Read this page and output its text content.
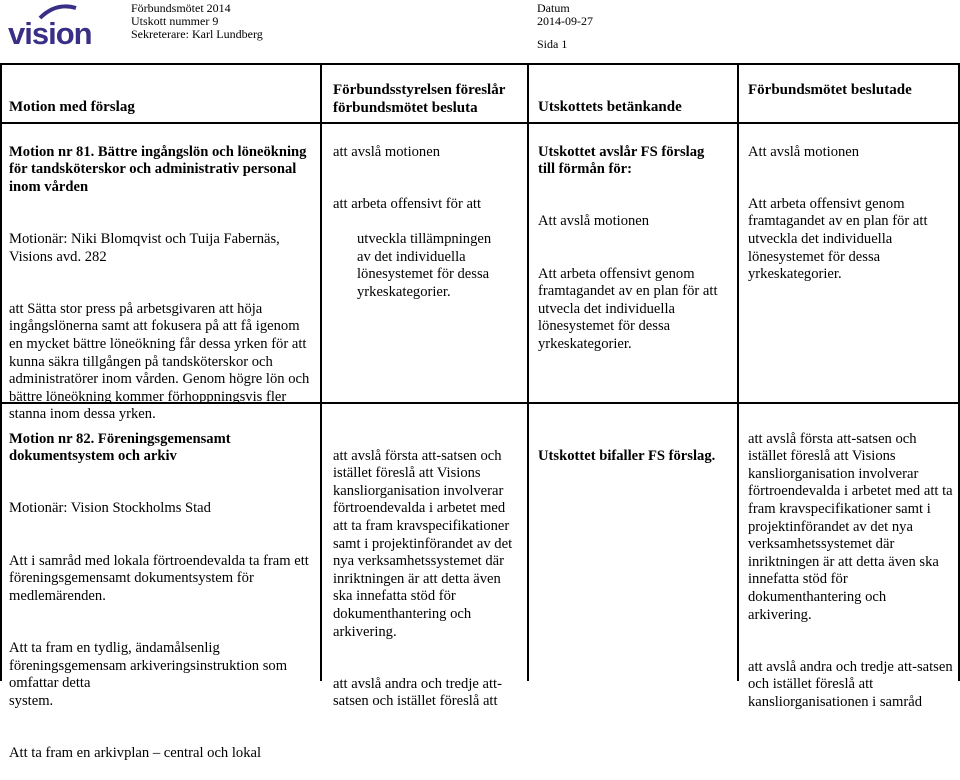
vision
Förbundsmötet 2014
Utskott nummer 9
Sekreterare: Karl Lundberg
Datum
2014-09-27
Sida 1
Motion med förslag
Förbundsstyrelsen föreslår förbundsmötet besluta	Utskottets betänkande
Förbundsmötet beslutade

Motion nr 81. Bättre ingångslön och löneökning för tandsköterskor och administrativ personal inom vården

Motionär: Niki Blomqvist och Tuija Fabernäs, Visions avd. 282

att Sätta stor press på arbetsgivaren att höja ingångslönerna samt att fokusera på att få igenom en mycket bättre löneökning får dessa yrken för att kunna säkra tillgången på tandsköterskor och administratörer inom vården. Genom högre lön och bättre löneökning kommer förhoppningsvis fler stanna inom dessa yrken.

att avslå motionen

att arbeta offensivt för att

utveckla tillämpningen
av det individuella
lönesystemet för dessa
yrkeskategorier.

Utskottet avslår FS förslag till förmån för:

Att avslå motionen

Att arbeta offensivt genom framtagandet av en plan för att utvecla det individuella lönesystemet för dessa yrkeskategorier.

Att avslå motionen

Att arbeta offensivt genom framtagandet av en plan för att utveckla det individuella lönesystemet för dessa yrkeskategorier.

Motion nr 82. Föreningsgemensamt dokumentsystem och arkiv

Motionär: Vision Stockholms Stad

Att i samråd med lokala förtroendevalda ta fram ett föreningsgemensamt dokumentsystem för medlemärenden.

Att ta fram en tydlig, ändamålsenlig föreningsgemensam arkiveringsinstruktion som omfattar detta
system.

Att ta fram en arkivplan – central och lokal

att avslå första att-satsen och istället föreslå att Visions kansliorganisation involverar förtroendevalda i arbetet med att ta fram kravspecifikationer samt i projektinförandet av det nya verksamhetssystemet där inriktningen är att detta även ska innefatta stöd för dokumenthantering och arkivering.

att avslå andra och tredje att-satsen och istället föreslå att

Utskottet bifaller FS förslag.

att avslå första att-satsen och istället föreslå att Visions kansliorganisation involverar förtroendevalda i arbetet med att ta fram kravspecifikationer samt i projektinförandet av det nya verksamhetssystemet där inriktningen är att detta även ska innefatta stöd för dokumenthantering och arkivering.

att avslå andra och tredje att-satsen och istället föreslå att kansliorganisationen i samråd
